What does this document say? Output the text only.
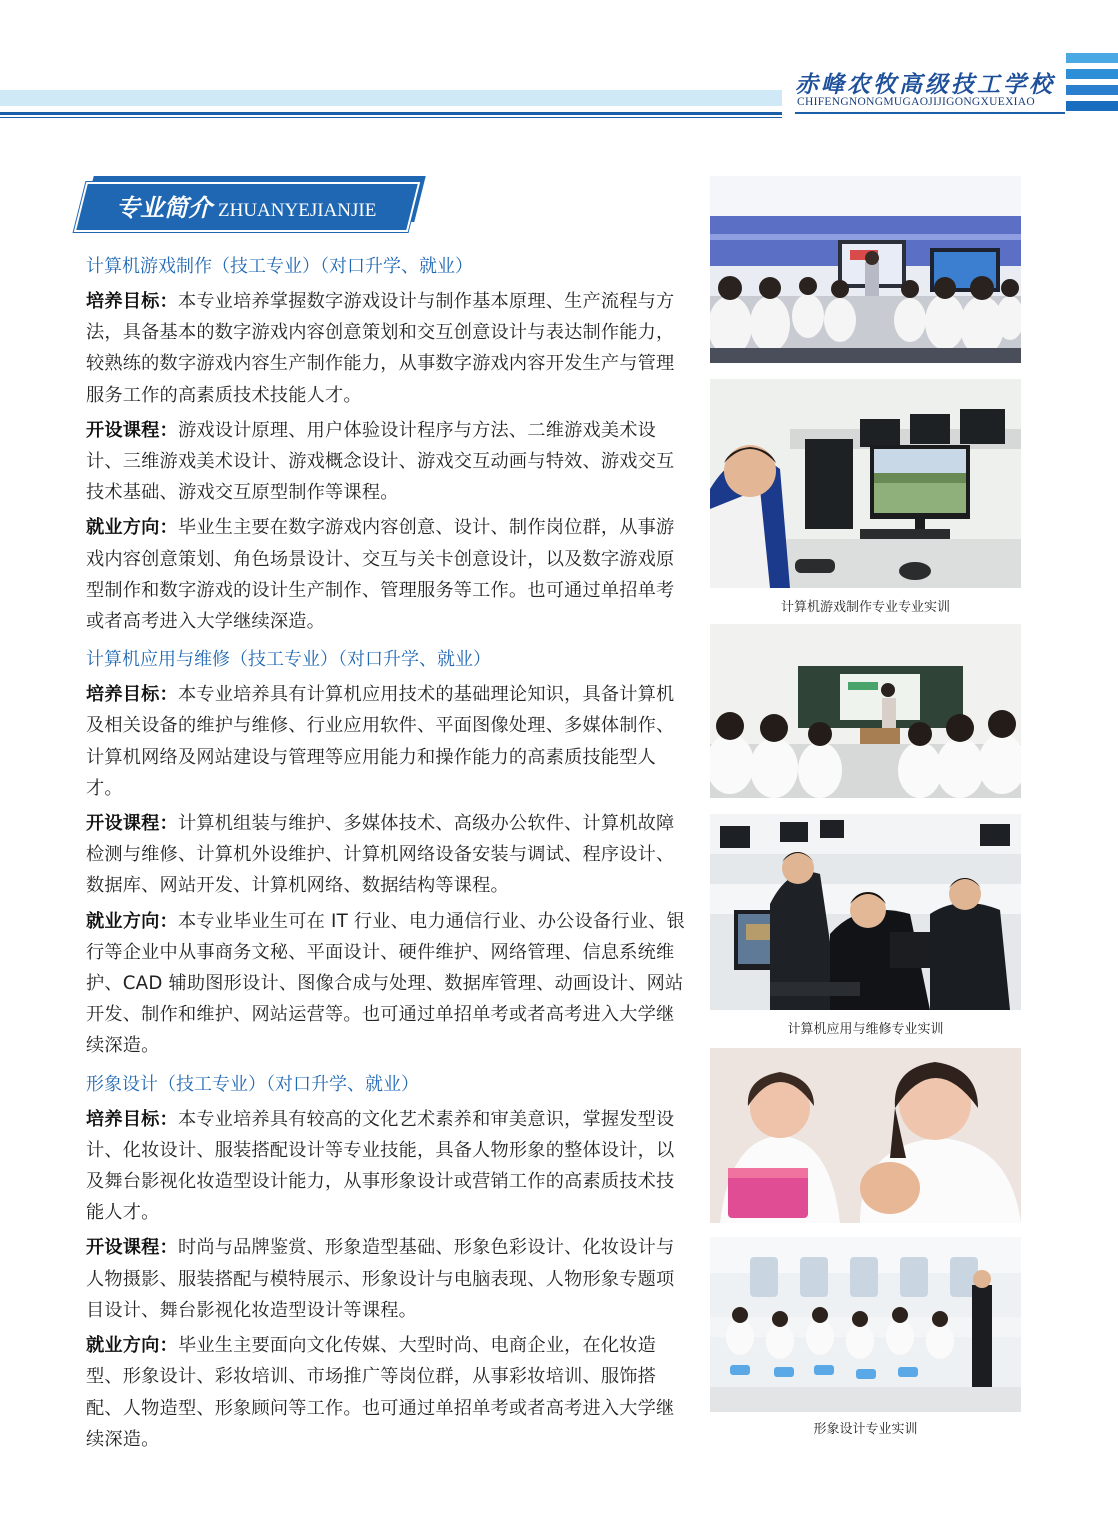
赤峰农牧高级技工学校
CHIFENGNONGMUGAOJIJIGONGXUEXIAO
专业简介 ZHUANYEJIANJIE
计算机游戏制作（技工专业）（对口升学、就业）

培养目标：本专业培养掌握数字游戏设计与制作基本原理、生产流程与方法，具备基本的数字游戏内容创意策划和交互创意设计与表达制作能力，较熟练的数字游戏内容生产制作能力，从事数字游戏内容开发生产与管理服务工作的高素质技术技能人才。

开设课程：游戏设计原理、用户体验设计程序与方法、二维游戏美术设计、三维游戏美术设计、游戏概念设计、游戏交互动画与特效、游戏交互技术基础、游戏交互原型制作等课程。

就业方向：毕业生主要在数字游戏内容创意、设计、制作岗位群，从事游戏内容创意策划、角色场景设计、交互与关卡创意设计，以及数字游戏原型制作和数字游戏的设计生产制作、管理服务等工作。也可通过单招单考或者高考进入大学继续深造。

计算机应用与维修（技工专业）（对口升学、就业）

培养目标：本专业培养具有计算机应用技术的基础理论知识，具备计算机及相关设备的维护与维修、行业应用软件、平面图像处理、多媒体制作、计算机网络及网站建设与管理等应用能力和操作能力的高素质技能型人才。

开设课程：计算机组装与维护、多媒体技术、高级办公软件、计算机故障检测与维修、计算机外设维护、计算机网络设备安装与调试、程序设计、数据库、网站开发、计算机网络、数据结构等课程。

就业方向：本专业毕业生可在 IT 行业、电力通信行业、办公设备行业、银行等企业中从事商务文秘、平面设计、硬件维护、网络管理、信息系统维护、CAD 辅助图形设计、图像合成与处理、数据库管理、动画设计、网站开发、制作和维护、网站运营等。也可通过单招单考或者高考进入大学继续深造。

形象设计（技工专业）（对口升学、就业）

培养目标：本专业培养具有较高的文化艺术素养和审美意识，掌握发型设计、化妆设计、服装搭配设计等专业技能，具备人物形象的整体设计，以及舞台影视化妆造型设计能力，从事形象设计或营销工作的高素质技术技能人才。

开设课程：时尚与品牌鉴赏、形象造型基础、形象色彩设计、化妆设计与人物摄影、服装搭配与模特展示、形象设计与电脑表现、人物形象专题项目设计、舞台影视化妆造型设计等课程。

就业方向：毕业生主要面向文化传媒、大型时尚、电商企业，在化妆造型、形象设计、彩妆培训、市场推广等岗位群，从事彩妆培训、服饰搭配、人物造型、形象顾问等工作。也可通过单招单考或者高考进入大学继续深造。

计算机游戏制作专业专业实训
计算机应用与维修专业实训
形象设计专业实训
